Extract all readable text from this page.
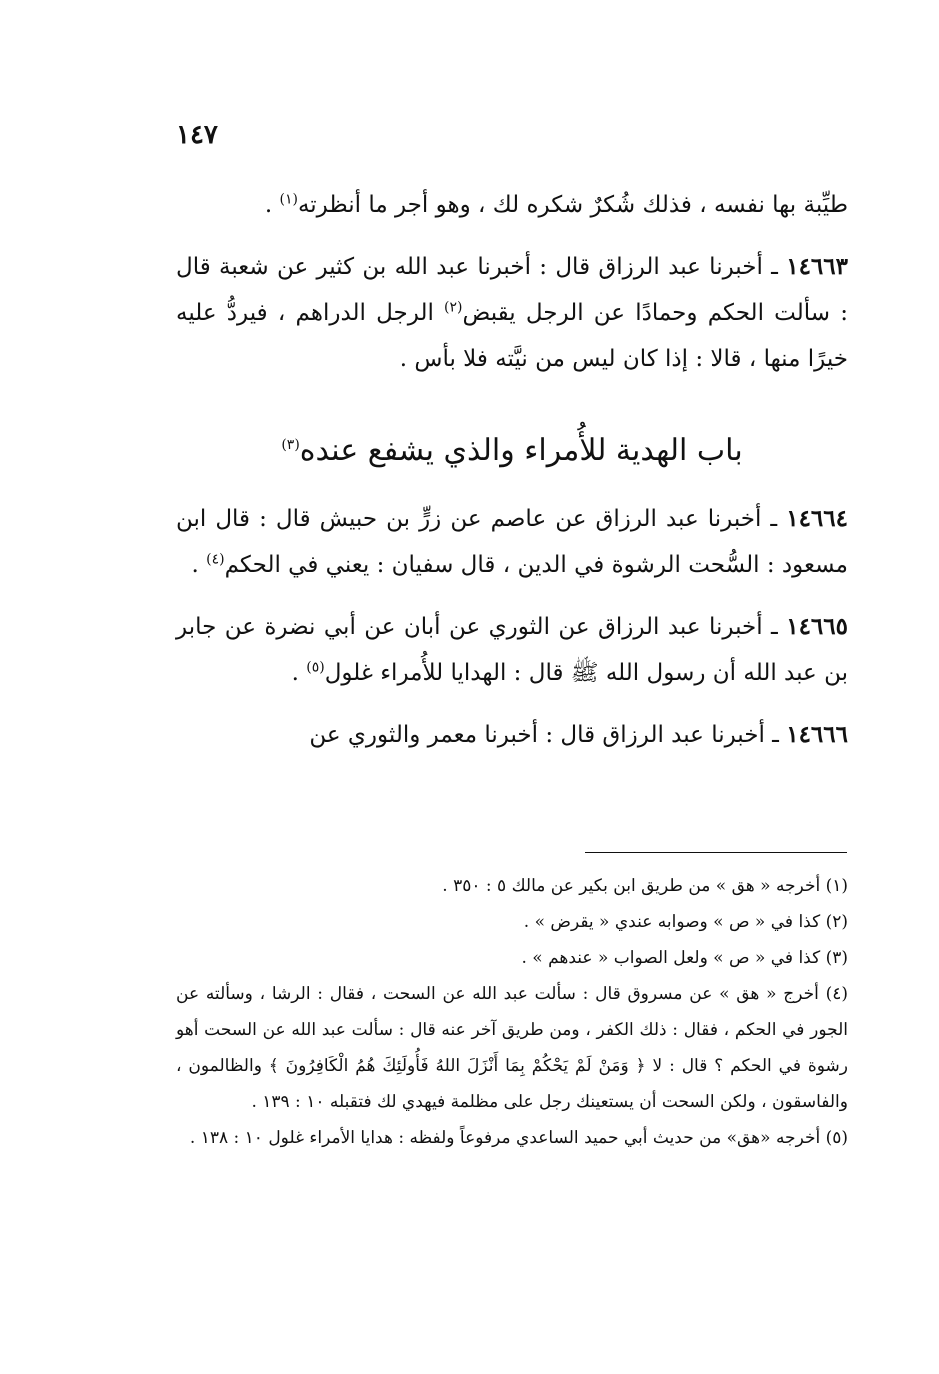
١٤٧

طيِّبة بها نفسه ، فذلك شُكرٌ شكره لك ، وهو أجر ما أنظرته$^{(١)}$ .

١٤٦٦٣ ـ أخبرنا عبد الرزاق قال : أخبرنا عبد الله بن كثير عن شعبة قال : سألت الحكم وحمادًا عن الرجل يقبض$^{(٢)}$ الرجل الدراهم ، فيردُّ عليه خيرًا منها ، قالا : إذا كان ليس من نيَّته فلا بأس .

باب الهدية للأُمراء والذي يشفع عنده$^{(٣)}$

١٤٦٦٤ ـ أخبرنا عبد الرزاق عن عاصم عن زرٍّ بن حبيش قال : قال ابن مسعود : السُّحت الرشوة في الدين ، قال سفيان : يعني في الحكم$^{(٤)}$ .

١٤٦٦٥ ـ أخبرنا عبد الرزاق عن الثوري عن أبان عن أبي نضرة عن جابر بن عبد الله أن رسول الله ﷺ قال : الهدايا للأُمراء غلول$^{(٥)}$ .

١٤٦٦٦ ـ أخبرنا عبد الرزاق قال : أخبرنا معمر والثوري عن

(١) أخرجه « هق » من طريق ابن بكير عن مالك ٥ : ٣٥٠ .

(٢) كذا في « ص » وصوابه عندي « يقرض » .

(٣) كذا في « ص » ولعل الصواب « عندهم » .

(٤) أخرج « هق » عن مسروق قال : سألت عبد الله عن السحت ، فقال : الرشا ، وسألته عن الجور في الحكم ، فقال : ذلك الكفر ، ومن طريق آخر عنه قال : سألت عبد الله عن السحت أهو رشوة في الحكم ؟ قال : لا ﴿ وَمَنْ لَمْ يَحْكُمْ بِمَا أَنْزَلَ اللهُ فَأُولَئِكَ هُمُ الْكَافِرُونَ ﴾ والظالمون ، والفاسقون ، ولكن السحت أن يستعينك رجل على مظلمة فيهدي لك فتقبله ١٠ : ١٣٩ .

(٥) أخرجه «هق» من حديث أبي حميد الساعدي مرفوعاً ولفظه : هدايا الأمراء غلول ١٠ : ١٣٨ .
